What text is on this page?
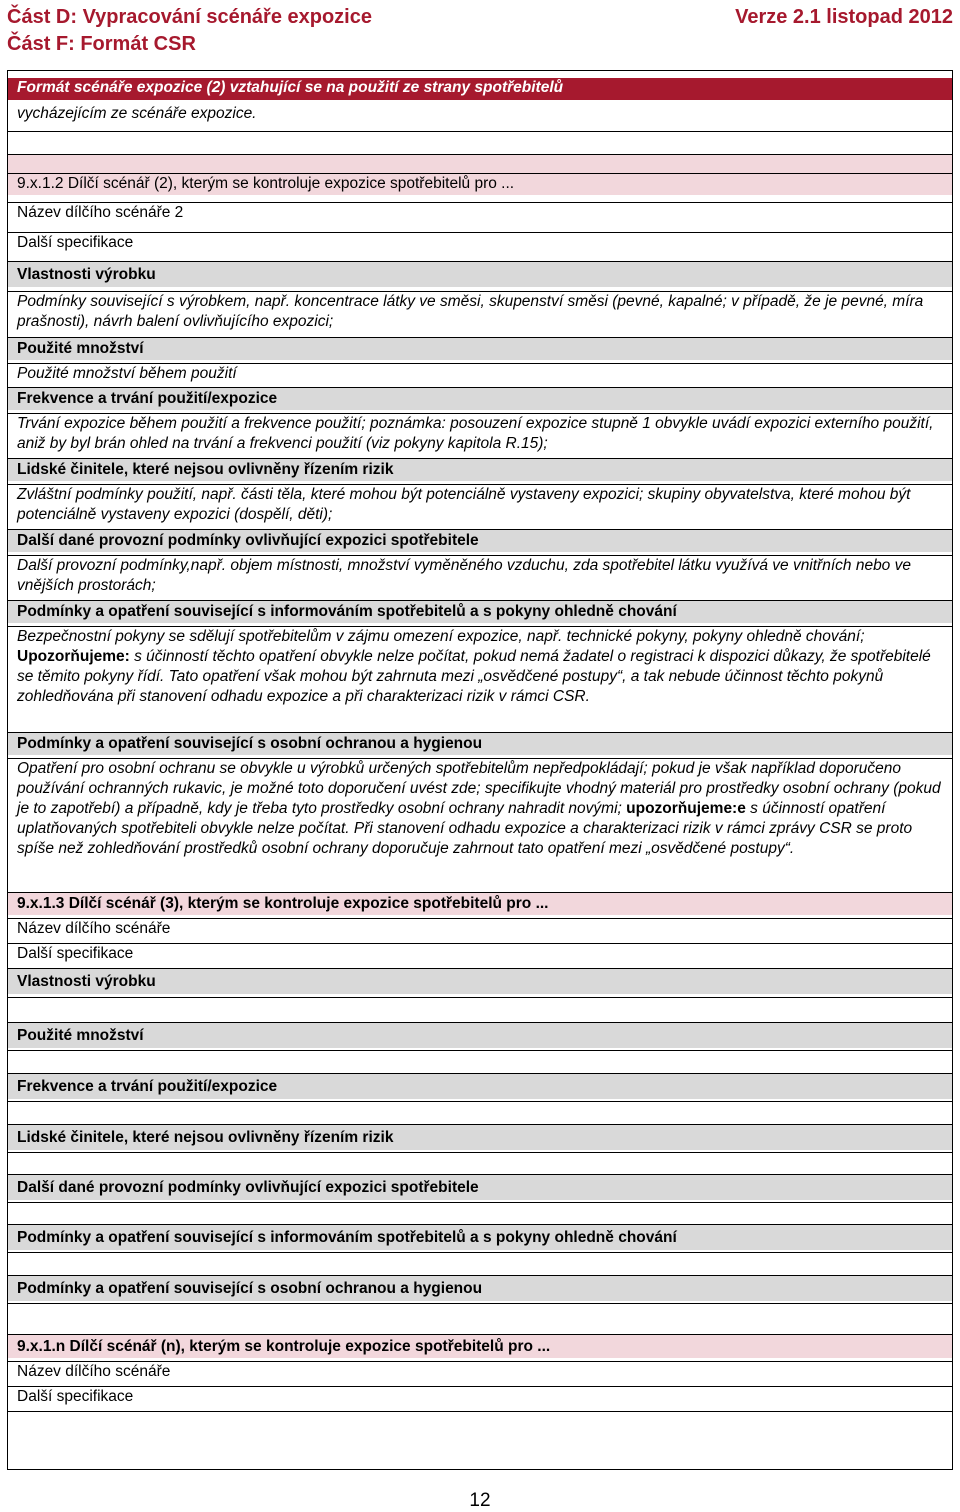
Část D: Vypracování scénáře expozice
Část F: Formát CSR
Verze 2.1 listopad 2012
Formát scénáře expozice (2) vztahující se na použití ze strany spotřebitelů
vycházejícím ze scénáře expozice.
9.x.1.2 Dílčí scénář (2), kterým se kontroluje expozice spotřebitelů pro ...
Název dílčího scénáře 2
Další specifikace
Vlastnosti výrobku
Podmínky související s výrobkem, např. koncentrace látky ve směsi, skupenství směsi (pevné, kapalné; v případě, že je pevné, míra prašnosti), návrh balení ovlivňujícího expozici;
Použité množství
Použité množství během použití
Frekvence a trvání použití/expozice
Trvání expozice během použití a frekvence použití; poznámka: posouzení expozice stupně 1 obvykle uvádí expozici externího použití, aniž by byl brán ohled na trvání a frekvenci použití (viz pokyny kapitola R.15);
Lidské činitele, které nejsou ovlivněny řízením rizik
Zvláštní podmínky použití, např. části těla, které mohou být potenciálně vystaveny expozici; skupiny obyvatelstva, které mohou být potenciálně vystaveny expozici (dospělí, děti);
Další dané provozní podmínky ovlivňující expozici spotřebitele
Další provozní podmínky,např. objem místnosti, množství vyměněného vzduchu, zda spotřebitel látku využívá ve vnitřních nebo ve vnějších prostorách;
Podmínky a opatření související s informováním spotřebitelů a s pokyny ohledně chování
Bezpečnostní pokyny se sdělují spotřebitelům v zájmu omezení expozice, např. technické pokyny, pokyny ohledně chování; Upozorňujeme: s účinností těchto opatření obvykle nelze počítat, pokud nemá žadatel o registraci k dispozici důkazy, že spotřebitelé se těmito pokyny řídí. Tato opatření však mohou být zahrnuta mezi „osvědčené postupy“, a tak nebude účinnost těchto pokynů zohledňována při stanovení odhadu expozice a při charakterizaci rizik v rámci CSR.
Podmínky a opatření související s osobní ochranou a hygienou
Opatření pro osobní ochranu se obvykle u výrobků určených spotřebitelům nepředpokládají; pokud je však například doporučeno používání ochranných rukavic, je možné toto doporučení uvést zde; specifikujte vhodný materiál pro prostředky osobní ochrany (pokud je to zapotřebí) a případně, kdy je třeba tyto prostředky osobní ochrany nahradit novými; upozorňujeme:e s účinností opatření uplatňovaných spotřebiteli obvykle nelze počítat. Při stanovení odhadu expozice a charakterizaci rizik v rámci zprávy CSR se proto spíše než zohledňování prostředků osobní ochrany doporučuje zahrnout tato opatření mezi „osvědčené postupy“.
9.x.1.3 Dílčí scénář (3), kterým se kontroluje expozice spotřebitelů pro ...
Název dílčího scénáře
Další specifikace
Vlastnosti výrobku
Použité množství
Frekvence a trvání použití/expozice
Lidské činitele, které nejsou ovlivněny řízením rizik
Další dané provozní podmínky ovlivňující expozici spotřebitele
Podmínky a opatření související s informováním spotřebitelů a s pokyny ohledně chování
Podmínky a opatření související s osobní ochranou a hygienou
9.x.1.n Dílčí scénář (n), kterým se kontroluje expozice spotřebitelů pro ...
Název dílčího scénáře
Další specifikace
12
